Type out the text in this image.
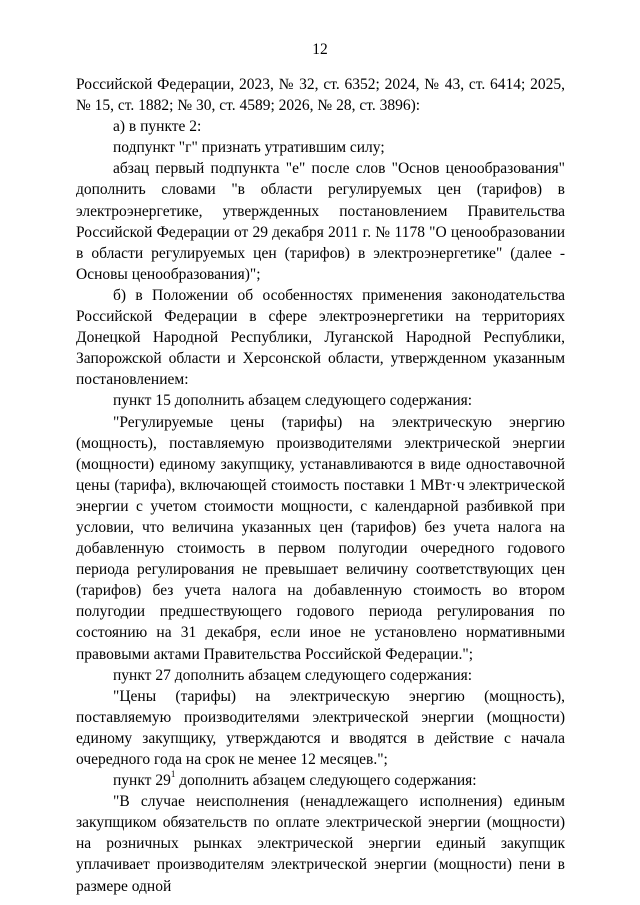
12

Российской Федерации, 2023, № 32, ст. 6352; 2024, № 43, ст. 6414; 2025, № 15, ст. 1882; № 30, ст. 4589; 2026, № 28, ст. 3896):

а) в пункте 2:

подпункт "г" признать утратившим силу;

абзац первый подпункта "е" после слов "Основ ценообразования" дополнить словами "в области регулируемых цен (тарифов) в электроэнергетике, утвержденных постановлением Правительства Российской Федерации от 29 декабря 2011 г. № 1178 "О ценообразовании в области регулируемых цен (тарифов) в электроэнергетике" (далее - Основы ценообразования)";

б) в Положении об особенностях применения законодательства Российской Федерации в сфере электроэнергетики на территориях Донецкой Народной Республики, Луганской Народной Республики, Запорожской области и Херсонской области, утвержденном указанным постановлением:

пункт 15 дополнить абзацем следующего содержания:

"Регулируемые цены (тарифы) на электрическую энергию (мощность), поставляемую производителями электрической энергии (мощности) единому закупщику, устанавливаются в виде одноставочной цены (тарифа), включающей стоимость поставки 1 МВт·ч электрической энергии с учетом стоимости мощности, с календарной разбивкой при условии, что величина указанных цен (тарифов) без учета налога на добавленную стоимость в первом полугодии очередного годового периода регулирования не превышает величину соответствующих цен (тарифов) без учета налога на добавленную стоимость во втором полугодии предшествующего годового периода регулирования по состоянию на 31 декабря, если иное не установлено нормативными правовыми актами Правительства Российской Федерации.";

пункт 27 дополнить абзацем следующего содержания:

"Цены (тарифы) на электрическую энергию (мощность), поставляемую производителями электрической энергии (мощности) единому закупщику, утверждаются и вводятся в действие с начала очередного года на срок не менее 12 месяцев.";

пункт $29^1$ дополнить абзацем следующего содержания:

"В случае неисполнения (ненадлежащего исполнения) единым закупщиком обязательств по оплате электрической энергии (мощности) на розничных рынках электрической энергии единый закупщик уплачивает производителям электрической энергии (мощности) пени в размере одной
